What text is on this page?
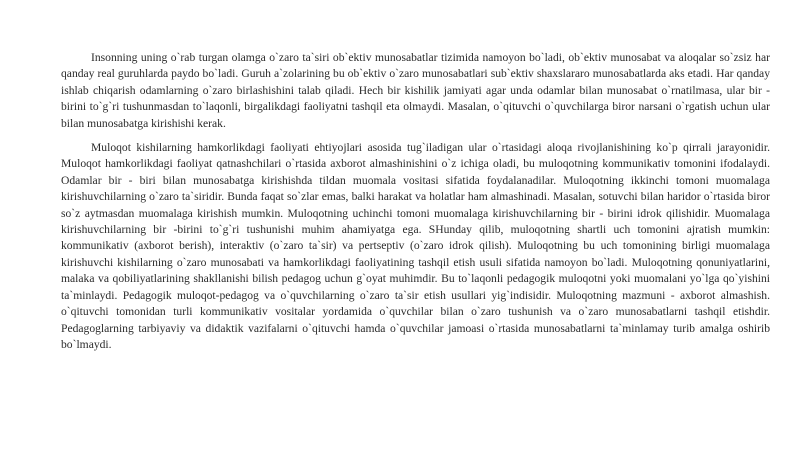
Insonning uning o`rab turgan olamga o`zaro ta`siri ob`ektiv munosabatlar tizimida namoyon bo`ladi, ob`ektiv munosabat va aloqalar so`zsiz har qanday real guruhlarda paydo bo`ladi. Guruh a`zolarining bu ob`ektiv o`zaro munosabatlari sub`ektiv shaxslararo munosabatlarda aks etadi. Har qanday ishlab chiqarish odamlarning o`zaro birlashishini talab qiladi. Hech bir kishilik jamiyati agar unda odamlar bilan munosabat o`rnatilmasa, ular bir - birini to`g`ri tushunmasdan to`laqonli, birgalikdagi faoliyatni tashqil eta olmaydi. Masalan, o`qituvchi o`quvchilarga biror narsani o`rgatish uchun ular bilan munosabatga kirishishi kerak.

Muloqot kishilarning hamkorlikdagi faoliyati ehtiyojlari asosida tug`iladigan ular o`rtasidagi aloqa rivojlanishining ko`p qirrali jarayonidir. Muloqot hamkorlikdagi faoliyat qatnashchilari o`rtasida axborot almashinishini o`z ichiga oladi, bu muloqotning kommunikativ tomonini ifodalaydi. Odamlar bir - biri bilan munosabatga kirishishda tildan muomala vositasi sifatida foydalanadilar. Muloqotning ikkinchi tomoni muomalaga kirishuvchilarning o`zaro ta`siridir. Bunda faqat so`zlar emas, balki harakat va holatlar ham almashinadi. Masalan, sotuvchi bilan haridor o`rtasida biror so`z aytmasdan muomalaga kirishish mumkin. Muloqotning uchinchi tomoni muomalaga kirishuvchilarning bir - birini idrok qilishidir. Muomalaga kirishuvchilarning bir -birini to`g`ri tushunishi muhim ahamiyatga ega. SHunday qilib, muloqotning shartli uch tomonini ajratish mumkin: kommunikativ (axborot berish), interaktiv (o`zaro ta`sir) va pertseptiv (o`zaro idrok qilish). Muloqotning bu uch tomonining birligi muomalaga kirishuvchi kishilarning o`zaro munosabati va hamkorlikdagi faoliyatining tashqil etish usuli sifatida namoyon bo`ladi. Muloqotning qonuniyatlarini, malaka va qobiliyatlarining shakllanishi bilish pedagog uchun g`oyat muhimdir. Bu to`laqonli pedagogik muloqotni yoki muomalani yo`lga qo`yishini ta`minlaydi. Pedagogik muloqot-pedagog va o`quvchilarning o`zaro ta`sir etish usullari yig`indisidir. Muloqotning mazmuni - axborot almashish. o`qituvchi tomonidan turli kommunikativ vositalar yordamida o`quvchilar bilan o`zaro tushunish va o`zaro munosabatlarni tashqil etishdir. Pedagoglarning tarbiyaviy va didaktik vazifalarni o`qituvchi hamda o`quvchilar jamoasi o`rtasida munosabatlarni ta`minlamay turib amalga oshirib bo`lmaydi.
